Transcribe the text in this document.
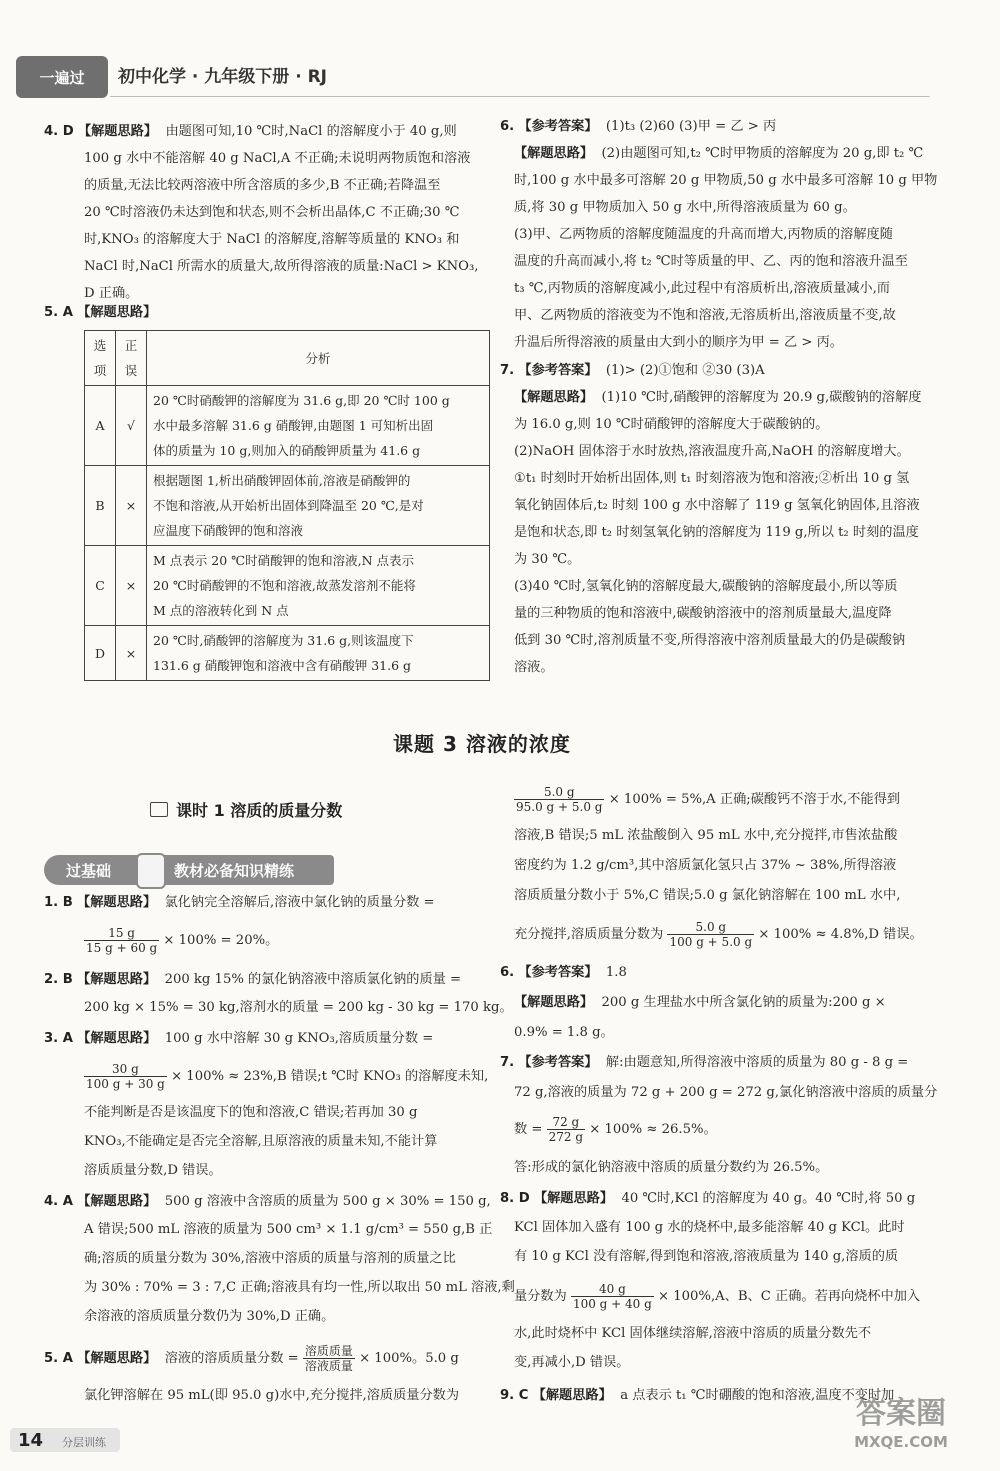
一遍过	初中化学 · 九年级下册 · RJ
4. D 【解题思路】 由题图可知,10 ℃时,NaCl 的溶解度小于 40 g,则
100 g 水中不能溶解 40 g NaCl,A 不正确;未说明两物质饱和溶液
的质量,无法比较两溶液中所含溶质的多少,B 不正确;若降温至
20 ℃时溶液仍未达到饱和状态,则不会析出晶体,C 不正确;30 ℃
时,KNO₃ 的溶解度大于 NaCl 的溶解度,溶解等质量的 KNO₃ 和
NaCl 时,NaCl 所需水的质量大,故所得溶液的质量:NaCl > KNO₃,
D 正确。
5. A 【解题思路】
选项	正误	分析
A	√	20 ℃时硝酸钾的溶解度为 31.6 g,即 20 ℃时 100 g
水中最多溶解 31.6 g 硝酸钾,由题图 1 可知析出固
体的质量为 10 g,则加入的硝酸钾质量为 41.6 g

B	×	根据题图 1,析出硝酸钾固体前,溶液是硝酸钾的
不饱和溶液,从开始析出固体到降温至 20 ℃,是对
应温度下硝酸钾的饱和溶液

C	×	M 点表示 20 ℃时硝酸钾的饱和溶液,N 点表示
20 ℃时硝酸钾的不饱和溶液,故蒸发溶剂不能将
M 点的溶液转化到 N 点

D	×	20 ℃时,硝酸钾的溶解度为 31.6 g,则该温度下
131.6 g 硝酸钾饱和溶液中含有硝酸钾 31.6 g
6. 【参考答案】 (1)t₃ (2)60 (3)甲 = 乙 > 丙
【解题思路】 (2)由题图可知,t₂ ℃时甲物质的溶解度为 20 g,即 t₂ ℃
时,100 g 水中最多可溶解 20 g 甲物质,50 g 水中最多可溶解 10 g 甲物
质,将 30 g 甲物质加入 50 g 水中,所得溶液质量为 60 g。
(3)甲、乙两物质的溶解度随温度的升高而增大,丙物质的溶解度随
温度的升高而减小,将 t₂ ℃时等质量的甲、乙、丙的饱和溶液升温至
t₃ ℃,丙物质的溶解度减小,此过程中有溶质析出,溶液质量减小,而
甲、乙两物质的溶液变为不饱和溶液,无溶质析出,溶液质量不变,故
升温后所得溶液的质量由大到小的顺序为甲 = 乙 > 丙。
7. 【参考答案】 (1)> (2)①饱和 ②30 (3)A
【解题思路】 (1)10 ℃时,硝酸钾的溶解度为 20.9 g,碳酸钠的溶解度
为 16.0 g,则 10 ℃时硝酸钾的溶解度大于碳酸钠的。
(2)NaOH 固体溶于水时放热,溶液温度升高,NaOH 的溶解度增大。
①t₁ 时刻时开始析出固体,则 t₁ 时刻溶液为饱和溶液;②析出 10 g 氢
氧化钠固体后,t₂ 时刻 100 g 水中溶解了 119 g 氢氧化钠固体,且溶液
是饱和状态,即 t₂ 时刻氢氧化钠的溶解度为 119 g,所以 t₂ 时刻的温度
为 30 ℃。
(3)40 ℃时,氢氧化钠的溶解度最大,碳酸钠的溶解度最小,所以等质
量的三种物质的饱和溶液中,碳酸钠溶液中的溶剂质量最大,温度降
低到 30 ℃时,溶剂质量不变,所得溶液中溶剂质量最大的仍是碳酸钠
溶液。
课题 3 溶液的浓度
课时 1 溶质的质量分数
过基础	教材必备知识精练
1. B 【解题思路】 氯化钠完全溶解后,溶液中氯化钠的质量分数 =
$\frac{15 g}{15 g + 60 g} \times 100\% = 20\%$。
2. B 【解题思路】 200 kg 15% 的氯化钠溶液中溶质氯化钠的质量 =
200 kg × 15% = 30 kg,溶剂水的质量 = 200 kg - 30 kg = 170 kg。
3. A 【解题思路】 100 g 水中溶解 30 g KNO₃,溶质质量分数 =
$\frac{30 g}{100 g + 30 g} \times 100\% \approx 23\%,B$ 错误;t ℃时 KNO₃ 的溶解度未知,
不能判断是否是该温度下的饱和溶液,C 错误;若再加 30 g
KNO₃,不能确定是否完全溶解,且原溶液的质量未知,不能计算
溶质质量分数,D 错误。
4. A 【解题思路】 500 g 溶液中含溶质的质量为 500 g × 30% = 150 g,
A 错误;500 mL 溶液的质量为 500 cm³ × 1.1 g/cm³ = 550 g,B 正
确;溶质的质量分数为 30%,溶液中溶质的质量与溶剂的质量之比
为 30% : 70% = 3 : 7,C 正确;溶液具有均一性,所以取出 50 mL 溶液,剩
余溶液的溶质质量分数仍为 30%,D 正确。
5. A 【解题思路】 溶液的溶质质量分数 = $\frac{\text{溶质质量}}{\text{溶液质量}} \times 100\%$。5.0 g
氯化钾溶解在 95 mL(即 95.0 g)水中,充分搅拌,溶质质量分数为
$\frac{5.0 g}{95.0 g + 5.0 g} \times 100\% = 5\%,A$ 正确;碳酸钙不溶于水,不能得到
溶液,B 错误;5 mL 浓盐酸倒入 95 mL 水中,充分搅拌,市售浓盐酸
密度约为 1.2 g/cm³,其中溶质氯化氢只占 37% ~ 38%,所得溶液
溶质质量分数小于 5%,C 错误;5.0 g 氯化钠溶解在 100 mL 水中,
充分搅拌,溶质质量分数为 $\frac{5.0 g}{100 g + 5.0 g} \times 100\% \approx 4.8\%,D$ 错误。
6. 【参考答案】 1.8
【解题思路】 200 g 生理盐水中所含氯化钠的质量为:200 g ×
0.9% = 1.8 g。
7. 【参考答案】 解:由题意知,所得溶液中溶质的质量为 80 g - 8 g =
72 g,溶液的质量为 72 g + 200 g = 272 g,氯化钠溶液中溶质的质量分
数 = $\frac{72 g}{272 g} \times 100\% \approx 26.5\%$。
答:形成的氯化钠溶液中溶质的质量分数约为 26.5%。
8. D 【解题思路】 40 ℃时,KCl 的溶解度为 40 g。40 ℃时,将 50 g
KCl 固体加入盛有 100 g 水的烧杯中,最多能溶解 40 g KCl。此时
有 10 g KCl 没有溶解,得到饱和溶液,溶液质量为 140 g,溶质的质
量分数为 $\frac{40 g}{100 g + 40 g} \times 100\%,A$、B、C 正确。若再向烧杯中加入
水,此时烧杯中 KCl 固体继续溶解,溶液中溶质的质量分数先不
变,再减小,D 错误。
9. C 【解题思路】 a 点表示 t₁ ℃时硼酸的饱和溶液,温度不变时加
14 分层训练
答案圈
MXQE.COM
